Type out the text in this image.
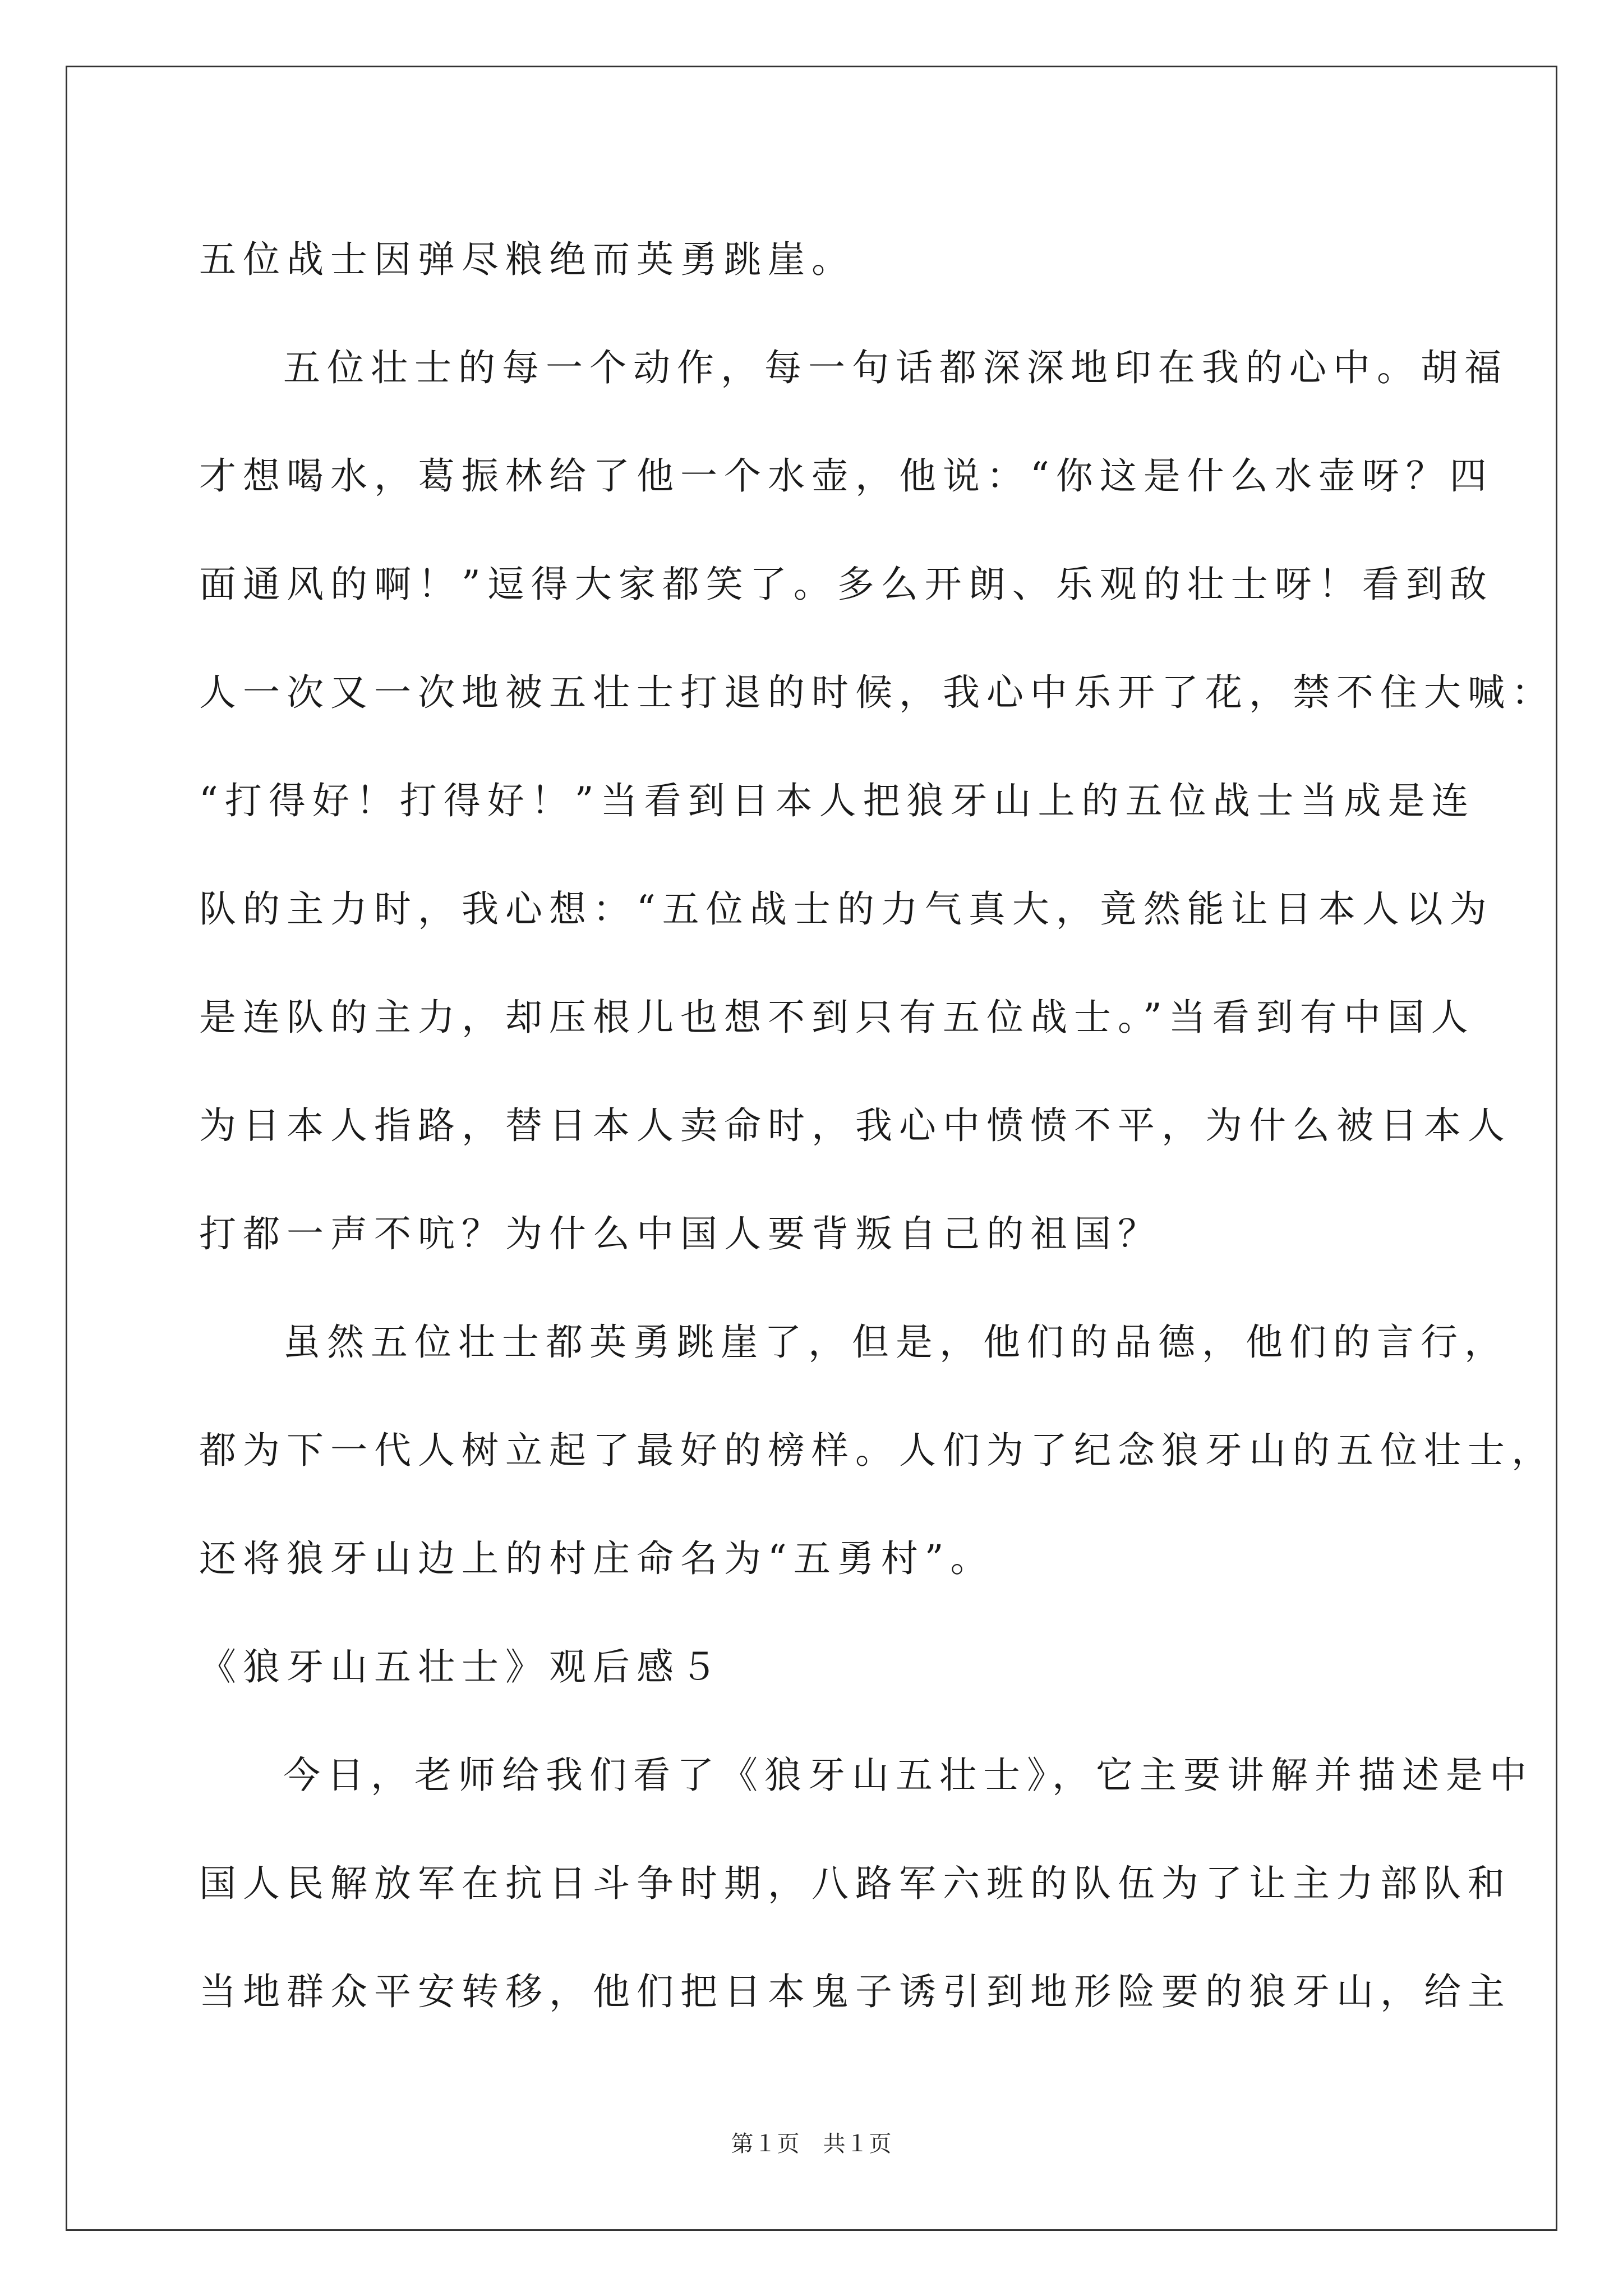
五位战士因弹尽粮绝而英勇跳崖。

五位壮士的每一个动作，每一句话都深深地印在我的心中。胡福

才想喝水，葛振林给了他一个水壶，他说：“你这是什么水壶呀？四

面通风的啊！”逗得大家都笑了。多么开朗、乐观的壮士呀！看到敌

人一次又一次地被五壮士打退的时候，我心中乐开了花，禁不住大喊：

“打得好！打得好！”当看到日本人把狼牙山上的五位战士当成是连

队的主力时，我心想：“五位战士的力气真大，竟然能让日本人以为

是连队的主力，却压根儿也想不到只有五位战士。”当看到有中国人

为日本人指路，替日本人卖命时，我心中愤愤不平，为什么被日本人

打都一声不吭？为什么中国人要背叛自己的祖国？

虽然五位壮士都英勇跳崖了，但是，他们的品德，他们的言行，

都为下一代人树立起了最好的榜样。人们为了纪念狼牙山的五位壮士，

还将狼牙山边上的村庄命名为“五勇村”。

《狼牙山五壮士》观后感５

今日，老师给我们看了《狼牙山五壮士》，它主要讲解并描述是中

国人民解放军在抗日斗争时期，八路军六班的队伍为了让主力部队和

当地群众平安转移，他们把日本鬼子诱引到地形险要的狼牙山，给主

第１页　共１页
